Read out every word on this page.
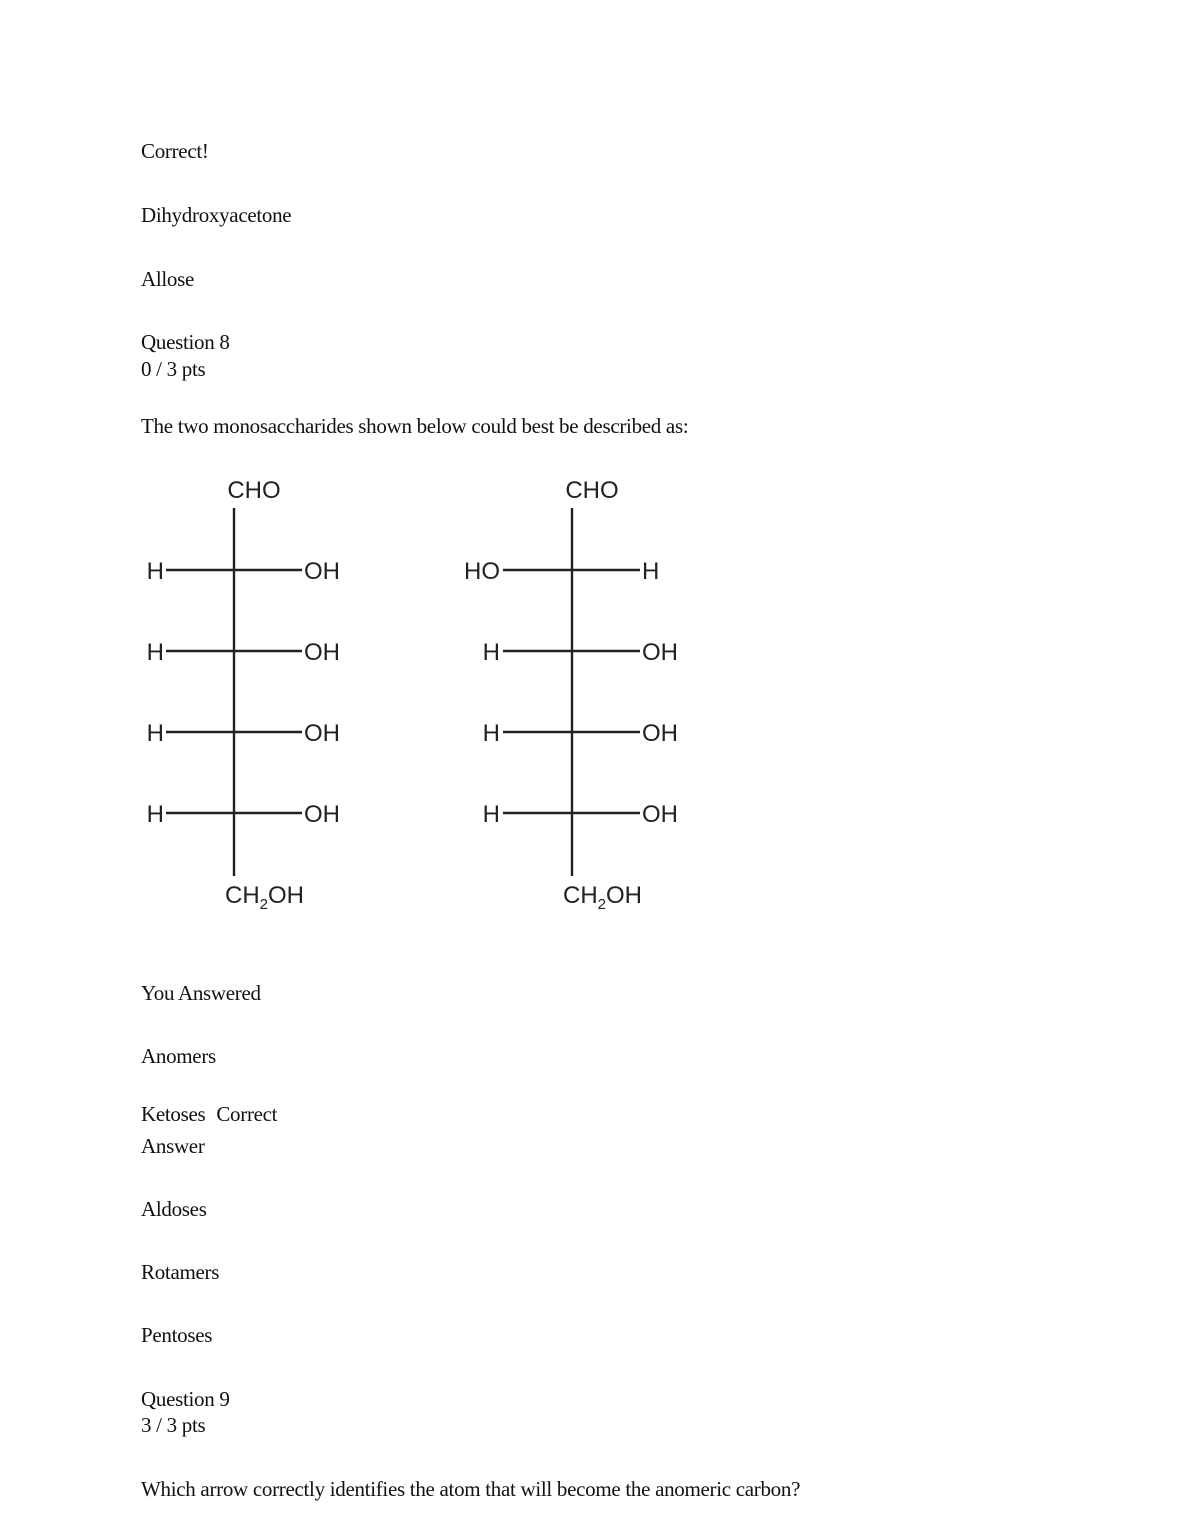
Correct!
Dihydroxyacetone
Allose
Question 8
0 / 3 pts
The two monosaccharides shown below could best be described as:
CHO
H	OH
H	OH
H	OH
H	OH
$CH_2OH$
CHO
HO	H
H	OH
H	OH
H	OH
$CH_2OH$
You Answered
Anomers
Ketoses Correct
Answer
Aldoses
Rotamers
Pentoses
Question 9
3 / 3 pts
Which arrow correctly identifies the atom that will become the anomeric carbon?
